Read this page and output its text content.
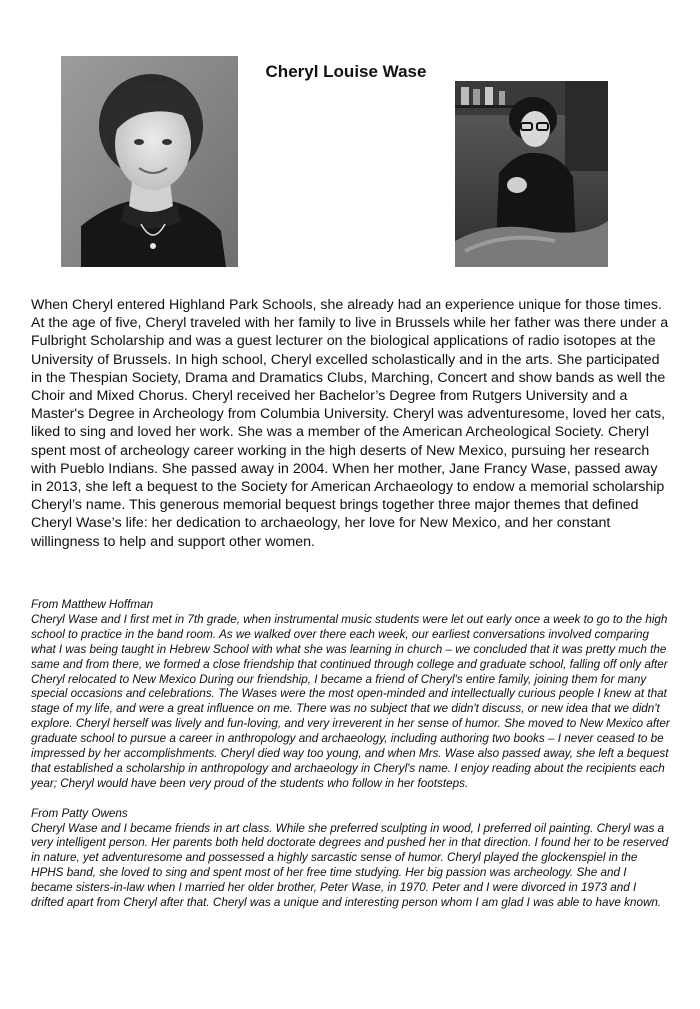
Cheryl Louise Wase

When Cheryl entered Highland Park Schools, she already had an experience unique for those times. At the age of five, Cheryl traveled with her family to live in Brussels while her father was there under a Fulbright Scholarship and was a guest lecturer on the biological applications of radio isotopes at the University of Brussels. In high school, Cheryl excelled scholastically and in the arts. She participated in the Thespian Society, Drama and Dramatics Clubs, Marching, Concert and show bands as well the Choir and Mixed Chorus. Cheryl received her Bachelor’s Degree from Rutgers University and a Master's Degree in Archeology from Columbia University. Cheryl was adventuresome, loved her cats, liked to sing and loved her work. She was a member of the American Archeological Society. Cheryl spent most of archeology career working in the high deserts of New Mexico, pursuing her research with Pueblo Indians. She passed away in 2004. When her mother, Jane Francy Wase, passed away in 2013, she left a bequest to the Society for American Archaeology to endow a memorial scholarship Cheryl’s name. This generous memorial bequest brings together three major themes that defined Cheryl Wase’s life: her dedication to archaeology, her love for New Mexico, and her constant willingness to help and support other women.

From Matthew Hoffman
Cheryl Wase and I first met in 7th grade, when instrumental music students were let out early once a week to go to the high school to practice in the band room. As we walked over there each week, our earliest conversations involved comparing what I was being taught in Hebrew School with what she was learning in church – we concluded that it was pretty much the same and from there, we formed a close friendship that continued through college and graduate school, falling off only after Cheryl relocated to New Mexico During our friendship, I became a friend of Cheryl's entire family, joining them for many special occasions and celebrations. The Wases were the most open-minded and intellectually curious people I knew at that stage of my life, and were a great influence on me. There was no subject that we didn't discuss, or new idea that we didn't explore. Cheryl herself was lively and fun-loving, and very irreverent in her sense of humor. She moved to New Mexico after graduate school to pursue a career in anthropology and archaeology, including authoring two books – I never ceased to be impressed by her accomplishments. Cheryl died way too young, and when Mrs. Wase also passed away, she left a bequest that established a scholarship in anthropology and archaeology in Cheryl's name. I enjoy reading about the recipients each year; Cheryl would have been very proud of the students who follow in her footsteps.
From Patty Owens
Cheryl Wase and I became friends in art class. While she preferred sculpting in wood, I preferred oil painting. Cheryl was a very intelligent person. Her parents both held doctorate degrees and pushed her in that direction. I found her to be reserved in nature, yet adventuresome and possessed a highly sarcastic sense of humor. Cheryl played the glockenspiel in the HPHS band, she loved to sing and spent most of her free time studying. Her big passion was archeology. She and I became sisters-in-law when I married her older brother, Peter Wase, in 1970. Peter and I were divorced in 1973 and I drifted apart from Cheryl after that. Cheryl was a unique and interesting person whom I am glad I was able to have known.
